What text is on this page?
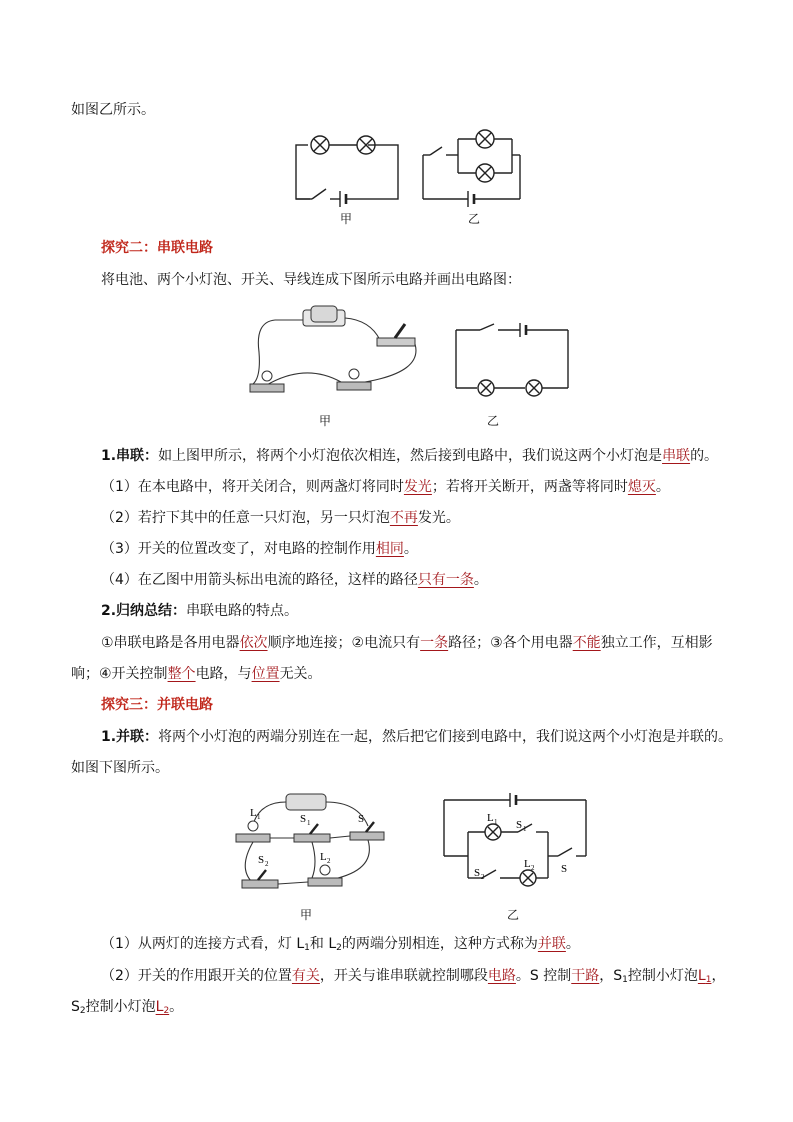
如图乙所示。
甲	乙
探究二：串联电路
将电池、两个小灯泡、开关、导线连成下图所示电路并画出电路图：
甲	乙
1.串联：如上图甲所示，将两个小灯泡依次相连，然后接到电路中，我们说这两个小灯泡是串联的。
（1）在本电路中，将开关闭合，则两盏灯将同时发光；若将开关断开，两盏等将同时熄灭。
（2）若拧下其中的任意一只灯泡，另一只灯泡不再发光。
（3）开关的位置改变了，对电路的控制作用相同。
（4）在乙图中用箭头标出电流的路径，这样的路径只有一条。
2.归纳总结：串联电路的特点。
①串联电路是各用电器依次顺序地连接；②电流只有一条路径；③各个用电器不能独立工作，互相影
响；④开关控制整个电路，与位置无关。
探究三：并联电路
1.并联：将两个小灯泡的两端分别连在一起，然后把它们接到电路中，我们说这两个小灯泡是并联的。
如图下图所示。
L 1	S 1	S
S 2
L 2
L 1 S 1
S 2
L 2 S
甲	乙
（1）从两灯的连接方式看，灯 $L_1$和 $L_2$的两端分别相连，这种方式称为并联。
（2）开关的作用跟开关的位置有关，开关与谁串联就控制哪段电路。S 控制干路，$S_1$控制小灯泡$L_1$，
$S_2$控制小灯泡$L_2$。
